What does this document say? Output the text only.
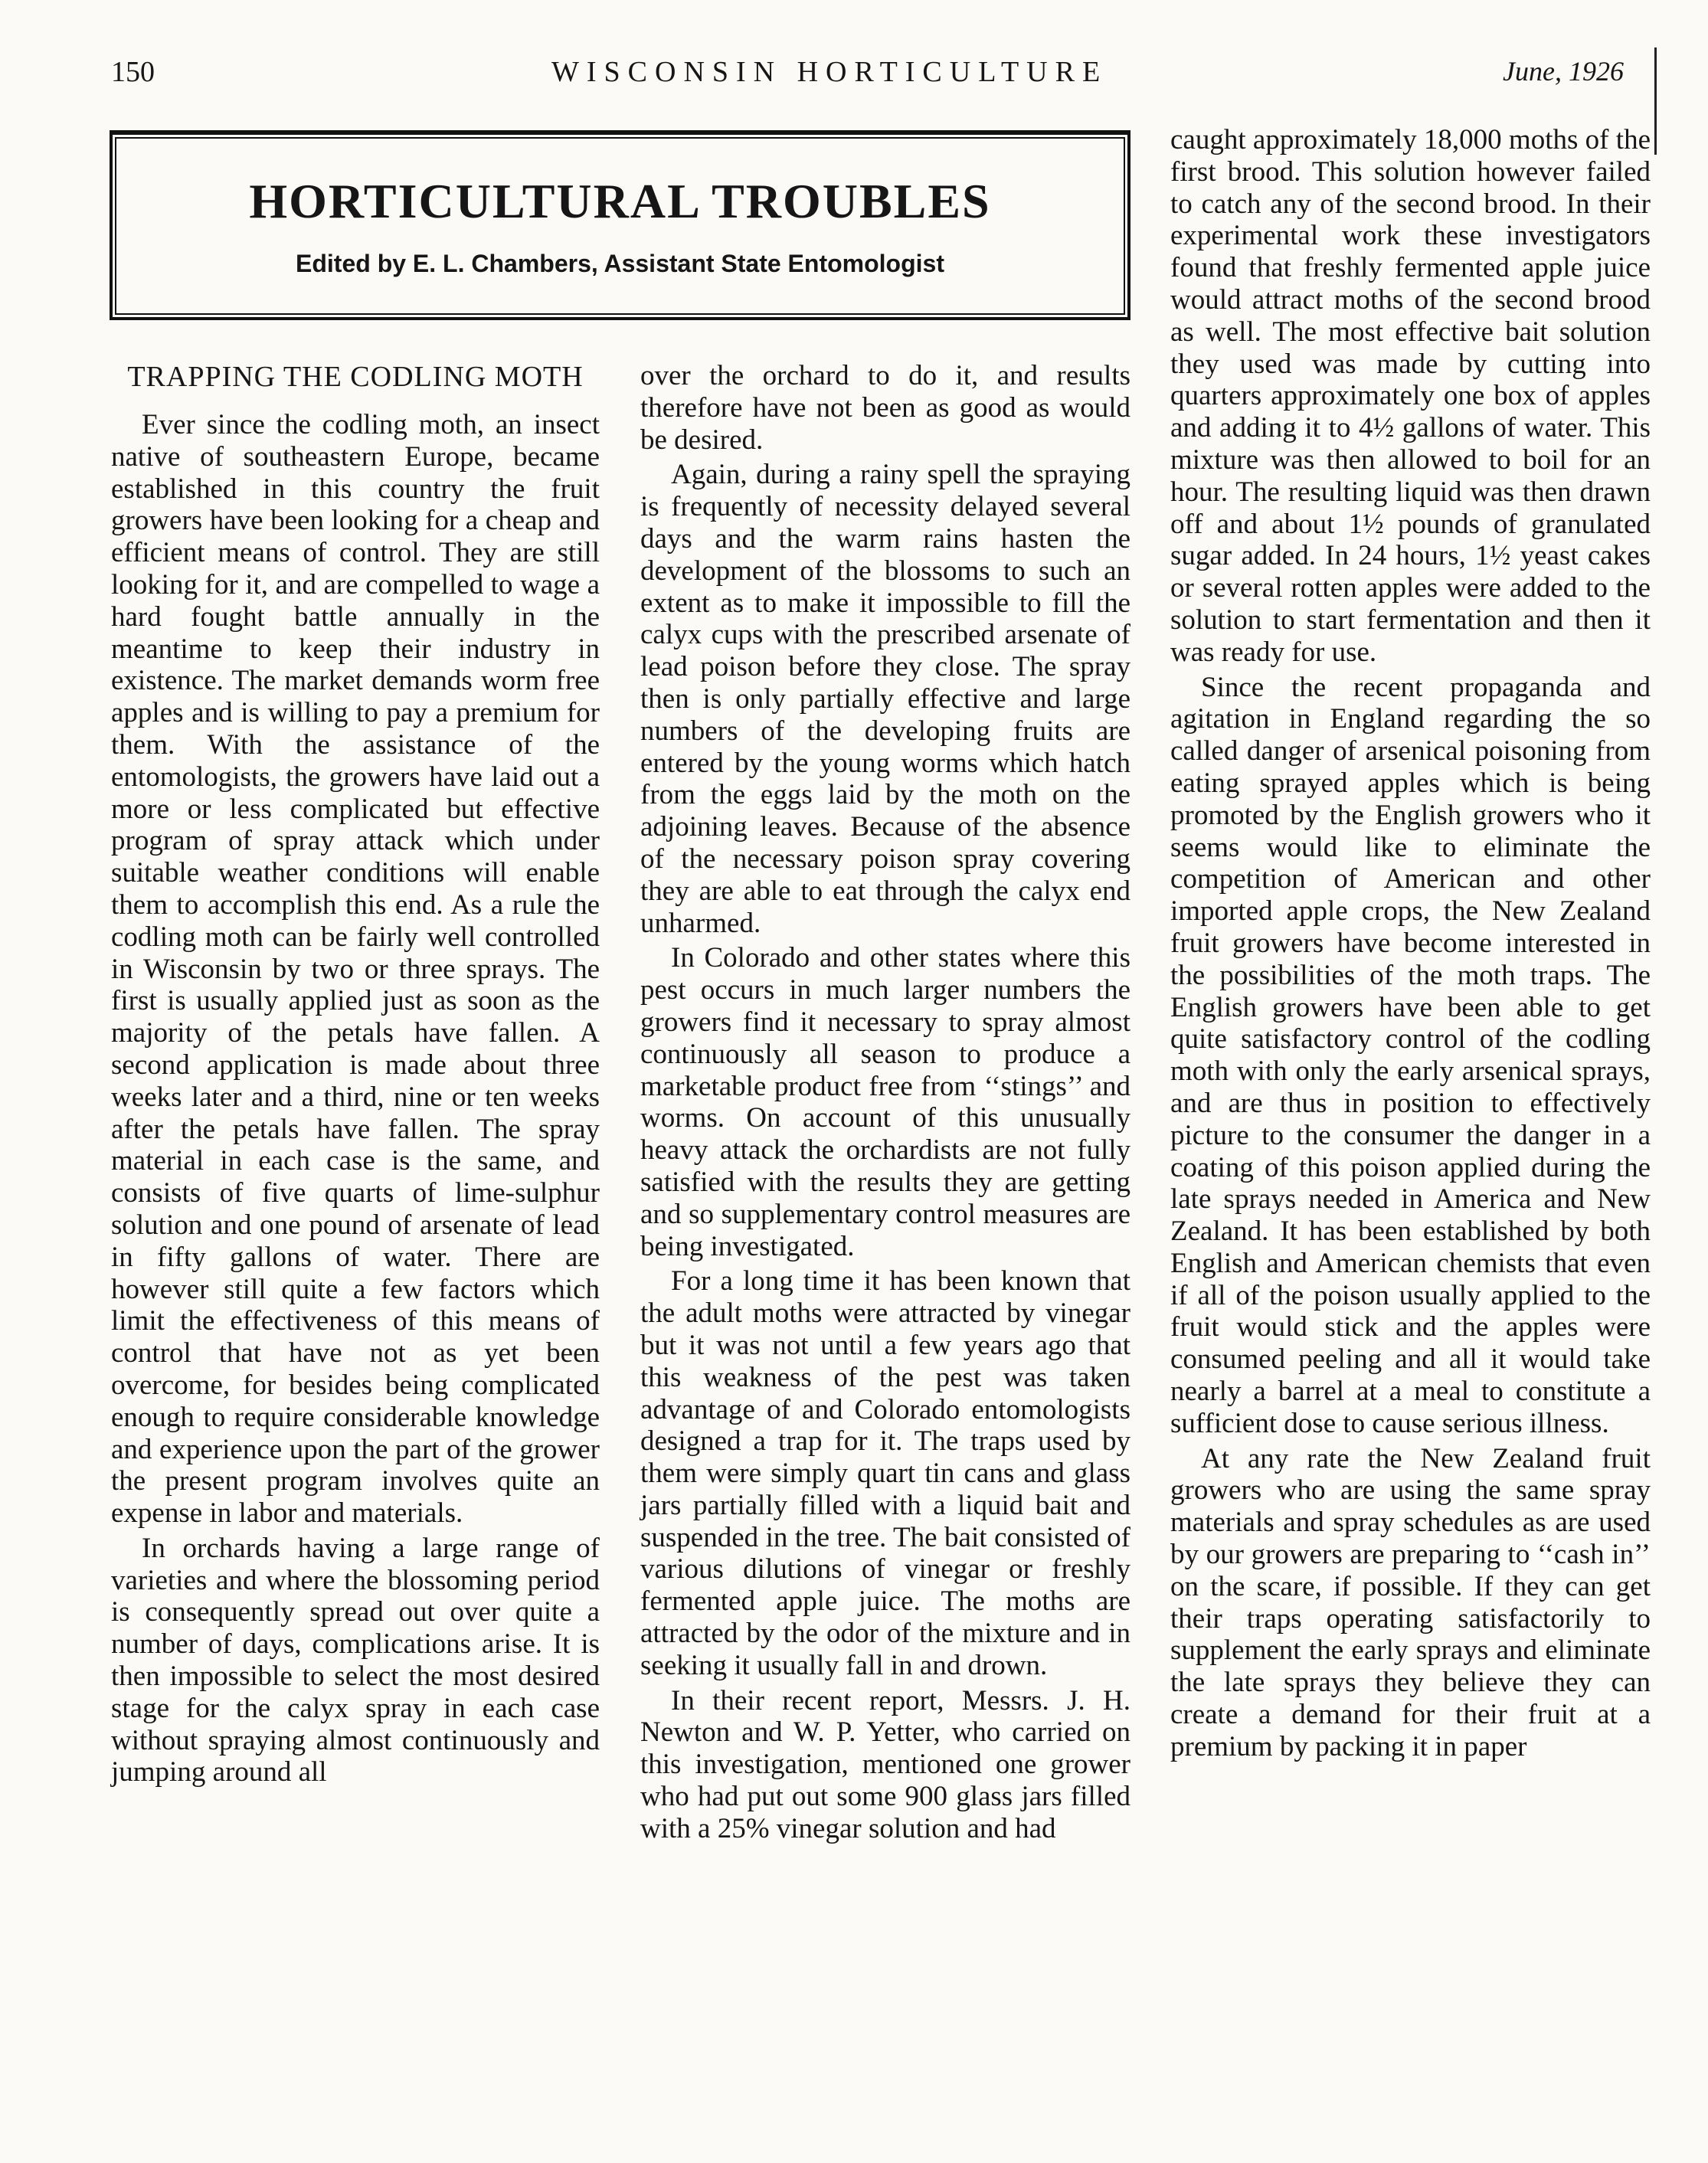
150	WISCONSIN HORTICULTURE	June, 1926
HORTICULTURAL TROUBLES

Edited by E. L. Chambers, Assistant State Entomologist

TRAPPING THE CODLING MOTH

Ever since the codling moth, an insect native of southeastern Europe, became established in this country the fruit growers have been looking for a cheap and efficient means of control. They are still looking for it, and are compelled to wage a hard fought battle annually in the meantime to keep their industry in existence. The market demands worm free apples and is willing to pay a premium for them. With the assistance of the entomologists, the growers have laid out a more or less complicated but effective program of spray attack which under suitable weather conditions will enable them to accomplish this end. As a rule the codling moth can be fairly well controlled in Wisconsin by two or three sprays. The first is usually applied just as soon as the majority of the petals have fallen. A second application is made about three weeks later and a third, nine or ten weeks after the petals have fallen. The spray material in each case is the same, and consists of five quarts of lime-sulphur solution and one pound of arsenate of lead in fifty gallons of water. There are however still quite a few factors which limit the effectiveness of this means of control that have not as yet been overcome, for besides being complicated enough to require considerable knowledge and experience upon the part of the grower the present program involves quite an expense in labor and materials.

In orchards having a large range of varieties and where the blossoming period is consequently spread out over quite a number of days, complications arise. It is then impossible to select the most desired stage for the calyx spray in each case without spraying almost continuously and jumping around all

over the orchard to do it, and results therefore have not been as good as would be desired.

Again, during a rainy spell the spraying is frequently of necessity delayed several days and the warm rains hasten the development of the blossoms to such an extent as to make it impossible to fill the calyx cups with the prescribed arsenate of lead poison before they close. The spray then is only partially effective and large numbers of the developing fruits are entered by the young worms which hatch from the eggs laid by the moth on the adjoining leaves. Because of the absence of the necessary poison spray covering they are able to eat through the calyx end unharmed.

In Colorado and other states where this pest occurs in much larger numbers the growers find it necessary to spray almost continuously all season to produce a marketable product free from ‘‘stings’’ and worms. On account of this unusually heavy attack the orchardists are not fully satisfied with the results they are getting and so supplementary control measures are being investigated.

For a long time it has been known that the adult moths were attracted by vinegar but it was not until a few years ago that this weakness of the pest was taken advantage of and Colorado entomologists designed a trap for it. The traps used by them were simply quart tin cans and glass jars partially filled with a liquid bait and suspended in the tree. The bait consisted of various dilutions of vinegar or freshly fermented apple juice. The moths are attracted by the odor of the mixture and in seeking it usually fall in and drown.

In their recent report, Messrs. J. H. Newton and W. P. Yetter, who carried on this investigation, mentioned one grower who had put out some 900 glass jars filled with a 25% vinegar solution and had

caught approximately 18,000 moths of the first brood. This solution however failed to catch any of the second brood. In their experimental work these investigators found that freshly fermented apple juice would attract moths of the second brood as well. The most effective bait solution they used was made by cutting into quarters approximately one box of apples and adding it to 4½ gallons of water. This mixture was then allowed to boil for an hour. The resulting liquid was then drawn off and about 1½ pounds of granulated sugar added. In 24 hours, 1½ yeast cakes or several rotten apples were added to the solution to start fermentation and then it was ready for use.

Since the recent propaganda and agitation in England regarding the so called danger of arsenical poisoning from eating sprayed apples which is being promoted by the English growers who it seems would like to eliminate the competition of American and other imported apple crops, the New Zealand fruit growers have become interested in the possibilities of the moth traps. The English growers have been able to get quite satisfactory control of the codling moth with only the early arsenical sprays, and are thus in position to effectively picture to the consumer the danger in a coating of this poison applied during the late sprays needed in America and New Zealand. It has been established by both English and American chemists that even if all of the poison usually applied to the fruit would stick and the apples were consumed peeling and all it would take nearly a barrel at a meal to constitute a sufficient dose to cause serious illness.

At any rate the New Zealand fruit growers who are using the same spray materials and spray schedules as are used by our growers are preparing to ‘‘cash in’’ on the scare, if possible. If they can get their traps operating satisfactorily to supplement the early sprays and eliminate the late sprays they believe they can create a demand for their fruit at a premium by packing it in paper
